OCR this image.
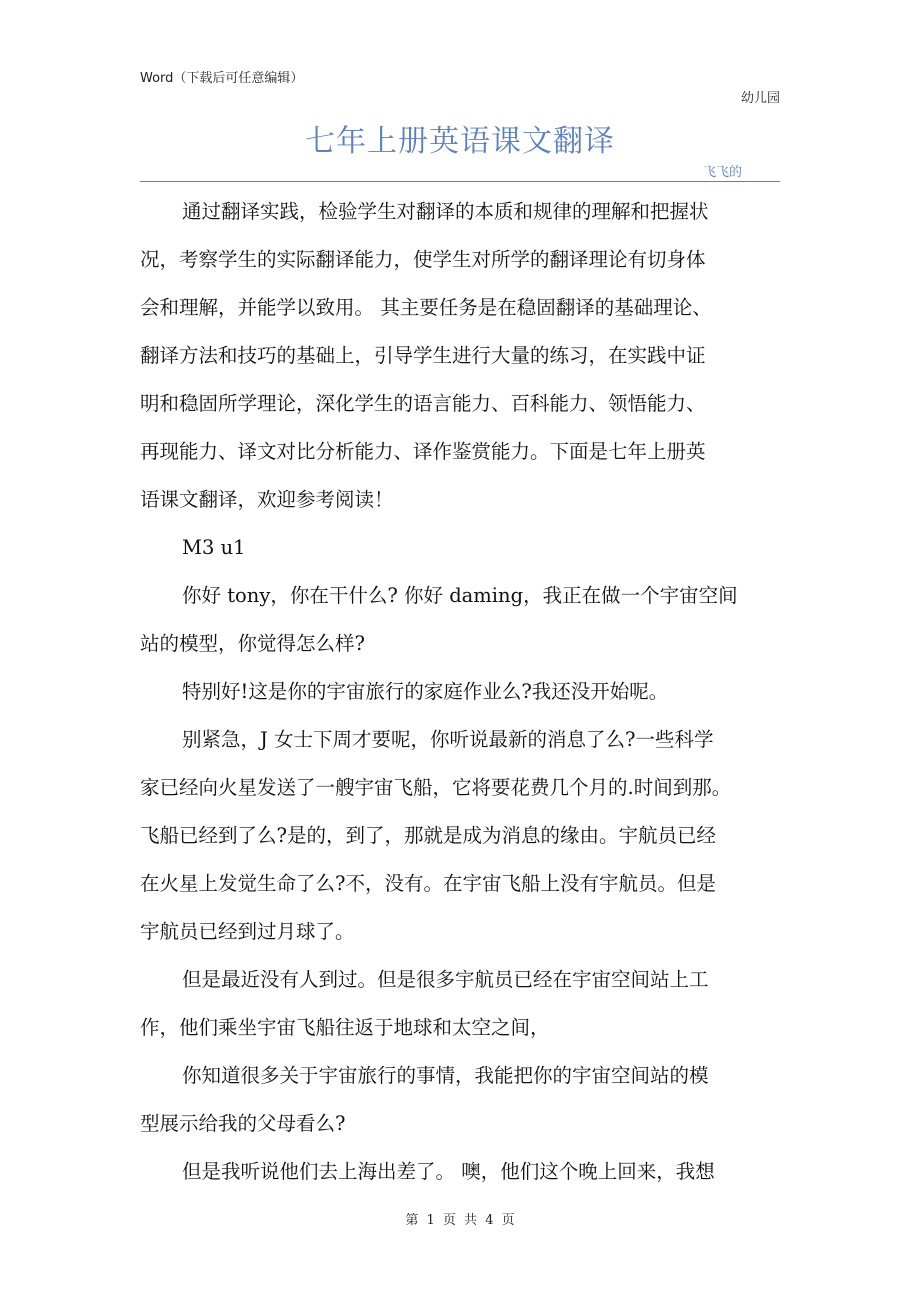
Word（下载后可任意编辑）
幼儿园
七年上册英语课文翻译
飞飞的

通过翻译实践，检验学生对翻译的本质和规律的理解和把握状

况，考察学生的实际翻译能力，使学生对所学的翻译理论有切身体

会和理解，并能学以致用。 其主要任务是在稳固翻译的基础理论、

翻译方法和技巧的基础上，引导学生进行大量的练习，在实践中证

明和稳固所学理论，深化学生的语言能力、百科能力、领悟能力、

再现能力、译文对比分析能力、译作鉴赏能力。下面是七年上册英

语课文翻译，欢迎参考阅读！

M3 u1

你好 tony，你在干什么? 你好 daming，我正在做一个宇宙空间

站的模型，你觉得怎么样?

特别好!这是你的宇宙旅行的家庭作业么?我还没开始呢。

别紧急，J 女士下周才要呢，你听说最新的消息了么?一些科学

家已经向火星发送了一艘宇宙飞船，它将要花费几个月的.时间到那。

飞船已经到了么?是的，到了，那就是成为消息的缘由。宇航员已经

在火星上发觉生命了么?不，没有。在宇宙飞船上没有宇航员。但是

宇航员已经到过月球了。

但是最近没有人到过。但是很多宇航员已经在宇宙空间站上工

作，他们乘坐宇宙飞船往返于地球和太空之间，

你知道很多关于宇宙旅行的事情，我能把你的宇宙空间站的模

型展示给我的父母看么?

但是我听说他们去上海出差了。 噢，他们这个晚上回来，我想

第 1 页 共 4 页
